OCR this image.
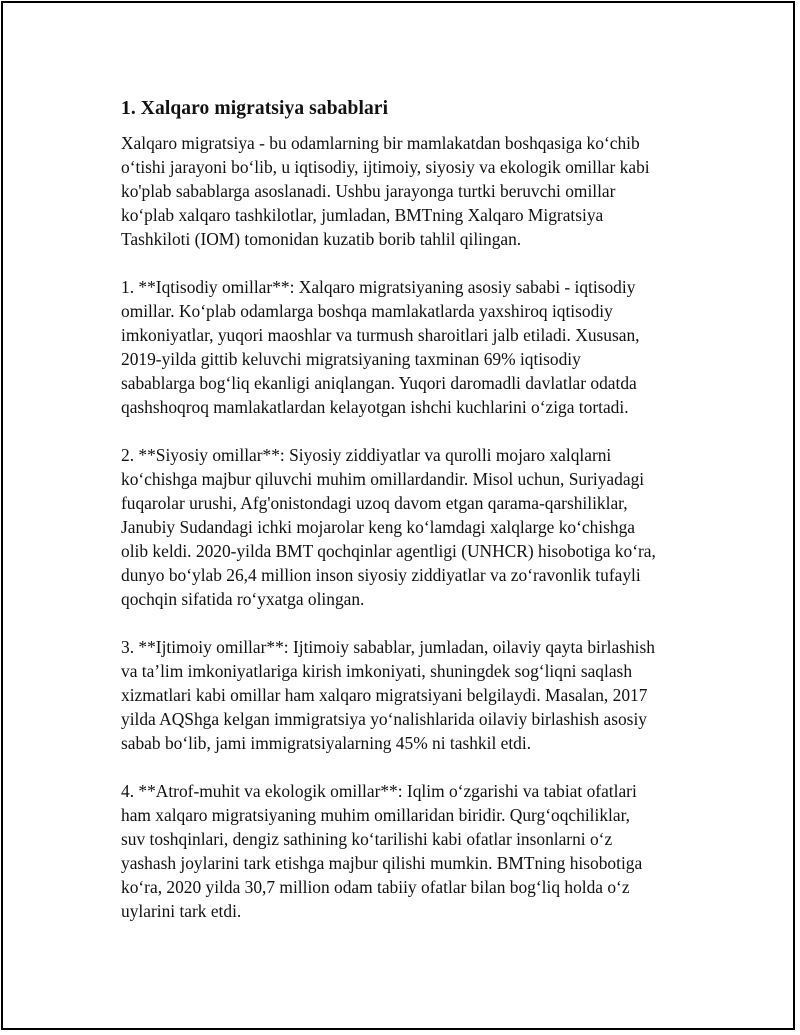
1. Xalqaro migratsiya sabablari

Xalqaro migratsiya - bu odamlarning bir mamlakatdan boshqasiga koʻchib
oʻtishi jarayoni boʻlib, u iqtisodiy, ijtimoiy, siyosiy va ekologik omillar kabi
ko'plab sabablarga asoslanadi. Ushbu jarayonga turtki beruvchi omillar
koʻplab xalqaro tashkilotlar, jumladan, BMTning Xalqaro Migratsiya
Tashkiloti (IOM) tomonidan kuzatib borib tahlil qilingan.

1. **Iqtisodiy omillar**: Xalqaro migratsiyaning asosiy sababi - iqtisodiy
omillar. Koʻplab odamlarga boshqa mamlakatlarda yaxshiroq iqtisodiy
imkoniyatlar, yuqori maoshlar va turmush sharoitlari jalb etiladi. Xususan,
2019-yilda gittib keluvchi migratsiyaning taxminan 69% iqtisodiy
sabablarga bogʻliq ekanligi aniqlangan. Yuqori daromadli davlatlar odatda
qashshoqroq mamlakatlardan kelayotgan ishchi kuchlarini oʻziga tortadi.

2. **Siyosiy omillar**: Siyosiy ziddiyatlar va qurolli mojaro xalqlarni
koʻchishga majbur qiluvchi muhim omillardandir. Misol uchun, Suriyadagi
fuqarolar urushi, Afg'onistondagi uzoq davom etgan qarama-qarshiliklar,
Janubiy Sudandagi ichki mojarolar keng koʻlamdagi xalqlarge koʻchishga
olib keldi. 2020-yilda BMT qochqinlar agentligi (UNHCR) hisobotiga koʻra,
dunyo boʻylab 26,4 million inson siyosiy ziddiyatlar va zoʻravonlik tufayli
qochqin sifatida roʻyxatga olingan.

3. **Ijtimoiy omillar**: Ijtimoiy sabablar, jumladan, oilaviy qayta birlashish
va ta’lim imkoniyatlariga kirish imkoniyati, shuningdek sogʻliqni saqlash
xizmatlari kabi omillar ham xalqaro migratsiyani belgilaydi. Masalan, 2017
yilda AQShga kelgan immigratsiya yoʻnalishlarida oilaviy birlashish asosiy
sabab boʻlib, jami immigratsiyalarning 45% ni tashkil etdi.

4. **Atrof-muhit va ekologik omillar**: Iqlim oʻzgarishi va tabiat ofatlari
ham xalqaro migratsiyaning muhim omillaridan biridir. Qurgʻoqchiliklar,
suv toshqinlari, dengiz sathining koʻtarilishi kabi ofatlar insonlarni oʻz
yashash joylarini tark etishga majbur qilishi mumkin. BMTning hisobotiga
koʻra, 2020 yilda 30,7 million odam tabiiy ofatlar bilan bogʻliq holda oʻz
uylarini tark etdi.
